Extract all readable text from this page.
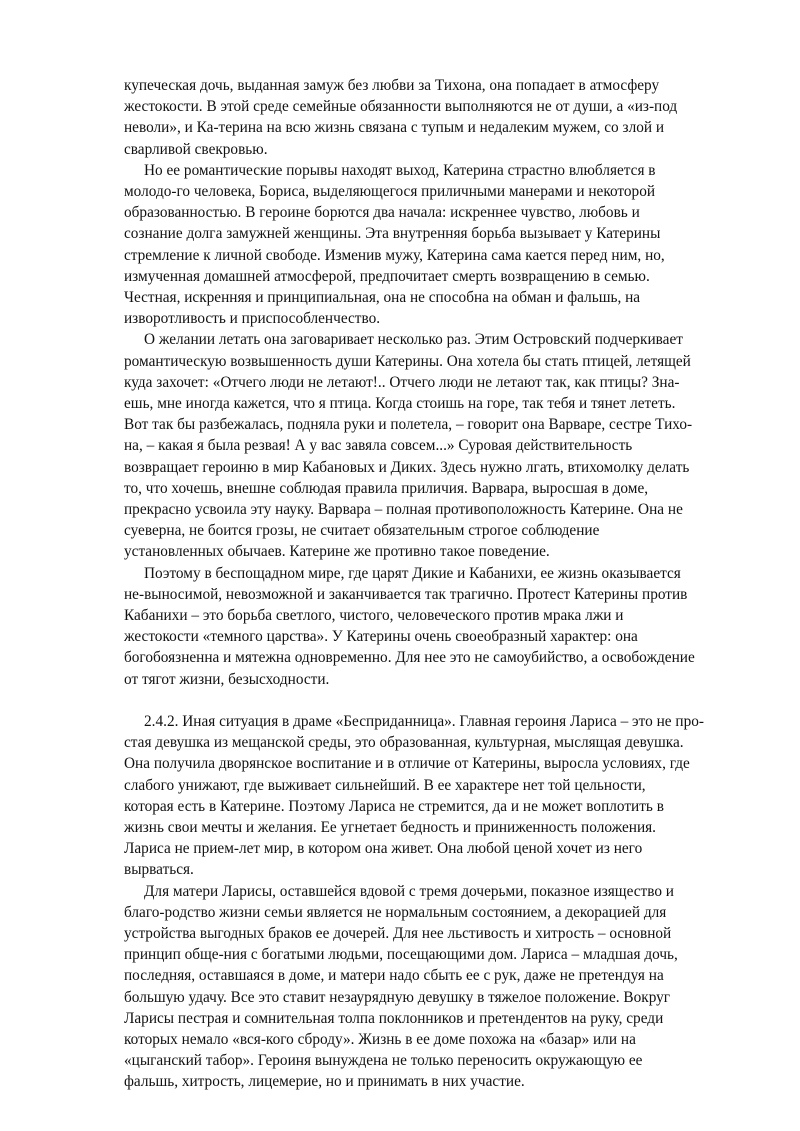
купеческая дочь, выданная замуж без любви за Тихона, она попадает в атмосферу
жестокости. В этой среде семейные обязанности выполняются не от души, а «из-под
неволи», и Ка-терина на всю жизнь связана с тупым и недалеким мужем, со злой и
сварливой свекровью.

Но ее романтические порывы находят выход, Катерина страстно влюбляется в
молодо-го человека, Бориса, выделяющегося приличными манерами и некоторой
образованностью. В героине борются два начала: искреннее чувство, любовь и
сознание долга замужней женщины. Эта внутренняя борьба вызывает у Катерины
стремление к личной свободе. Изменив мужу, Катерина сама кается перед ним, но,
измученная домашней атмосферой, предпочитает смерть возвращению в семью.
Честная, искренняя и принципиальная, она не способна на обман и фальшь, на
изворотливость и приспособленчество.

О желании летать она заговаривает несколько раз. Этим Островский подчеркивает
романтическую возвышенность души Катерины. Она хотела бы стать птицей, летящей
куда захочет: «Отчего люди не летают!.. Отчего люди не летают так, как птицы? Зна-
ешь, мне иногда кажется, что я птица. Когда стоишь на горе, так тебя и тянет лететь.
Вот так бы разбежалась, подняла руки и полетела, – говорит она Варваре, сестре Тихо-
на, – какая я была резвая! А у вас завяла совсем...» Суровая действительность
возвращает героиню в мир Кабановых и Диких. Здесь нужно лгать, втихомолку делать
то, что хочешь, внешне соблюдая правила приличия. Варвара, выросшая в доме,
прекрасно усвоила эту науку. Варвара – полная противоположность Катерине. Она не
суеверна, не боится грозы, не считает обязательным строгое соблюдение
установленных обычаев. Катерине же противно такое поведение.

Поэтому в беспощадном мире, где царят Дикие и Кабанихи, ее жизнь оказывается
не-выносимой, невозможной и заканчивается так трагично. Протест Катерины против
Кабанихи – это борьба светлого, чистого, человеческого против мрака лжи и
жестокости «темного царства». У Катерины очень своеобразный характер: она
богобоязненна и мятежна одновременно. Для нее это не самоубийство, а освобождение
от тягот жизни, безысходности.

2.4.2. Иная ситуация в драме «Бесприданница». Главная героиня Лариса – это не про-
стая девушка из мещанской среды, это образованная, культурная, мыслящая девушка.
Она получила дворянское воспитание и в отличие от Катерины, выросла условиях, где
слабого унижают, где выживает сильнейший. В ее характере нет той цельности,
которая есть в Катерине. Поэтому Лариса не стремится, да и не может воплотить в
жизнь свои мечты и желания. Ее угнетает бедность и приниженность положения.
Лариса не прием-лет мир, в котором она живет. Она любой ценой хочет из него
вырваться.

Для матери Ларисы, оставшейся вдовой с тремя дочерьми, показное изящество и
благо-родство жизни семьи является не нормальным состоянием, а декорацией для
устройства выгодных браков ее дочерей. Для нее льстивость и хитрость – основной
принцип обще-ния с богатыми людьми, посещающими дом. Лариса – младшая дочь,
последняя, оставшаяся в доме, и матери надо сбыть ее с рук, даже не претендуя на
большую удачу. Все это ставит незаурядную девушку в тяжелое положение. Вокруг
Ларисы пестрая и сомнительная толпа поклонников и претендентов на руку, среди
которых немало «вся-кого сброду». Жизнь в ее доме похожа на «базар» или на
«цыганский табор». Героиня вынуждена не только переносить окружающую ее
фальшь, хитрость, лицемерие, но и принимать в них участие.
